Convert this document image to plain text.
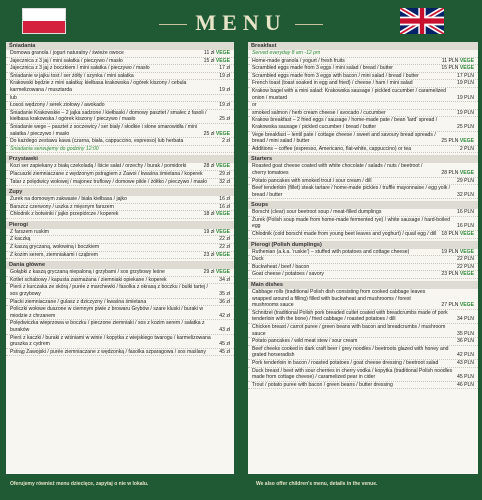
MENU
Śniadania
Domowa granola / jogurt naturalny / świeże owoce	11 zł VEGE
Jajecznica z 3 jaj / mini sałatka / pieczywo / masło	15 zł VEGE
Jajecznica z 3 jaj z boczkiem / mini sałatka / pieczywo / masło	17 zł
Śniadanie w jajku tost / ser żółty / szynka / mini sałatka	19 zł
Krakowski będzie z mini sałatką: kiełbasa krakowska / ogórek kiszony / cebula karmelizowana / musztarda	19 zł
lub
Łosoś wędzony / serek ziołowy / awokado	19 zł
Śniadanie Krakowskie – 2 jajka sadzone / kiełbaski / domowy pasztet / smalec z fasoli / kiełbasa krakowska / ogórek kiszony / pieczywo / masło	25 zł
Śniadanie wege – pasztet z soczewicy / ser biały / słodkie i słone smarowidła / mini sałatka / pieczywo / masło	25 zł VEGE
Do każdego zestawu kawa (czarna, biała, cappuccino, espresso) lub herbata	2 zł
Śniadania serwujemy do godziny 12:00
Przystawki
Kozi ser zapiekany z białą czekoladą / liście sałat / orzechy / burak / pomidorki	28 zł VEGE
Placuszki ziemniaczane z wędzonym pstrągiem z Zawoi / kwaśna śmietana / koperek	29 zł
Tatar z polędwicy wołowej / majonez truflowy / domowe pikle / żółtko / pieczywo / masło	32 zł
Zupy
Żurek na domowym zakwasie / biała kiełbasa / jajko	16 zł
Barszcz czerwony / uszka z mięsnym farszem	16 zł
Chłodnik z botwinki / jajko przepiórcze / koperek	18 zł VEGE
Pierogi
Z farszem ruskim	19 zł VEGE
Z kaczką	22 zł
Z kaszą gryczaną, wołowiną i boczkiem	22 zł
Z kozim serem, ziemniakami i cząbrem	23 zł VEGE
Dania główne
Gołąbki z kaszą gryczaną niepaloną i grzybami / sos grzybowy leśne	29 zł VEGE
Kotlet schabowy / kapusta zasmażana / ziemniaki opiekane / koperek	34 zł
Pierś z kurczaka ze skórą / purée z marchewki / fasolka z okrasą z boczku / bulki tartej / sos grzybowy	35 zł
Placki ziemniaczane / gulasz z dziczyzny / kwaśna śmietana	36 zł
Policzki wołowe duszone w ciemnym piwie z browaru Grybów / szare kluski / buraki w miodzie z chrzanem	42 zł
Polędwiczka wieprzowa w boczku / pieczone ziemniaki / sos z kozim serem / sałatka z buraków	43 zł
Pierś z kaczki / buraki z wiśniami w winie / kopytka z wiejskiego twarogu / karmelizowana gruszka z cydrem	45 zł
Pstrąg Zawojski / purée ziemniaczane z wędzonką / fasolka szparagowa / sos maślany	45 zł
Breakfast
Served everyday 8 am -12 pm
Home-made granola / yogurt / fresh fruits	11 PLN VEGE
Scrambled eggs made from 3 eggs / mini salad / bread / butter	15 PLN VEGE
Scrambled eggs made from 3 eggs with bacon / mini salad / bread / butter	17 PLN
French toast (toast soaked in egg and fried) / cheese / ham / mini salad	19 PLN
Krakow bagel with a mini salad: Krakowska sausage / pickled cucumber / caramelized onion / mustard	19 PLN
or
smoked salmon / herb cream cheese / avocado / cucumber	19 PLN
Krakow breakfast – 2 fried eggs / sausage / home-made pate / bean 'lard' spread / Krakowska sausage / pickled cucumber / bread / butter	25 PLN
Vege breakfast – lentil pate / cottage cheese / sweet and savoury bread spreads / bread / mini salad / butter	25 PLN VEGE
Additions – coffee (espresso, Americano, flat-white, cappuccino) or tea	2 PLN
Starters
Roasted goat cheese coated with white chocolate / salads / nuts / beetroot / cherry tomatoes	28 PLN VEGE
Potato pancakes with smoked trout / sour cream / dill	29 PLN
Beef tenderloin (fillet) steak tartare / home-made pickles / truffle mayonnaise / egg yolk / bread / butter	32 PLN
Soups
Borscht (clear) sour beetroot soup / meat-filled dumplings	16 PLN
Żurek (Polish soup made from home-made fermented rye) / white sausage / hard-boiled egg	16 PLN
Chłodnik (cold borscht made from young beet leaves and yoghurt) / quail egg / dill 18 PLN VEGE
Pierogi (Polish dumplings)
Ruthenian (a.k.a. 'ruskie') – stuffed with potatoes and cottage cheese)	19 PLN VEGE
Duck	22 PLN
Buckwheat / beef / bacon	22 PLN
Goat cheese / potatoes / savory	23 PLN VEGE
Main dishes
Cabbage rolls (traditional Polish dish consisting from cooked cabbage leaves wrapped around a filling) filled with buckwheat and mushrooms / forest mushrooms sauce	27 PLN VEGE
Schnitzel (traditional Polish pork breaded cutlet coated with breadcrumbs made of pork tenderloin with the bone) / fried cabbage / roasted potatoes / dill	34 PLN
Chicken breast / carrot puree / green beans with bacon and breadcrumbs / mushroom sauce	35 PLN
Potato pancakes / wild meat stew / sour cream	36 PLN
Beef cheeks cooked in dark craft beer / grey noodles / beetroots glazed with honey and grated horseradish	42 PLN
Pork tenderloin in bacon / roasted potatoes / goat cheese dressing / beetroot salad	43 PLN
Duck breast / beet with sour cherries in cherry vodka / kopytka (traditional Polish noodles made from cottage cheese) / caramelized pear in cider	45 PLN
Trout / potato puree with bacon / green beans / butter dressing	46 PLN
Oferujemy również menu dziecięce, zapytaj o nie w lokalu.	We also offer children's menu, details in the venue.
